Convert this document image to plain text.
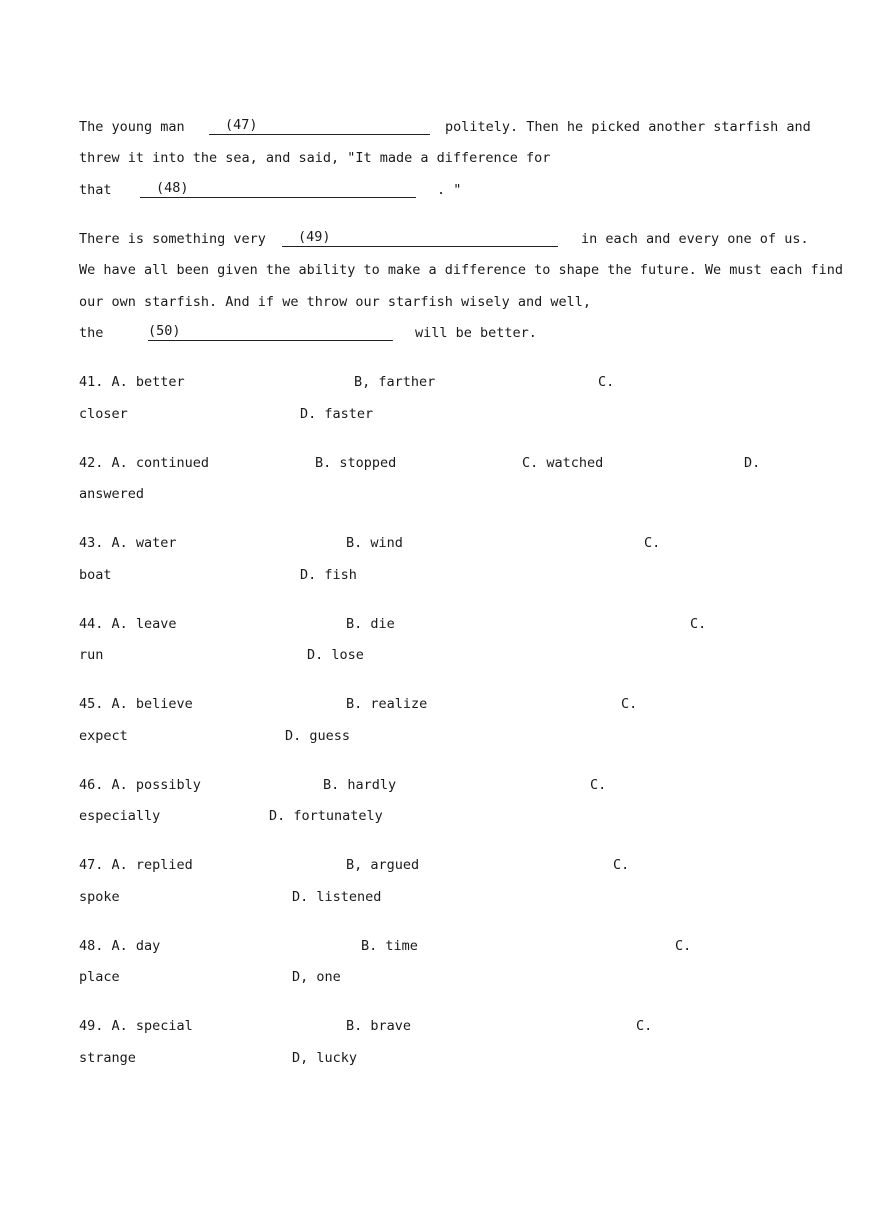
The young man	(47)	politely. Then he picked another starfish and
threw it into the sea, and said, "It made a difference for
that	(48)	. "
There is something very (49)	in each and every one of us.
We have all been given the ability to make a difference to shape the future. We must each find
our own starfish. And if we throw our starfish wisely and well,
the	(50)	will be better.
41. A. better	B, farther	C.
closer	D. faster
42. A. continued	B. stopped	C. watched	D.
answered
43. A. water	B. wind	C.
boat	D. fish
44. A. leave	B. die	C.
run	D. lose
45. A. believe	B. realize	C.
expect	D. guess
46. A. possibly	B. hardly	C.
especially	D. fortunately
47. A. replied	B, argued	C.
spoke	D. listened
48. A. day	B. time	C.
place	D, one
49. A. special	B. brave	C.
strange	D, lucky
